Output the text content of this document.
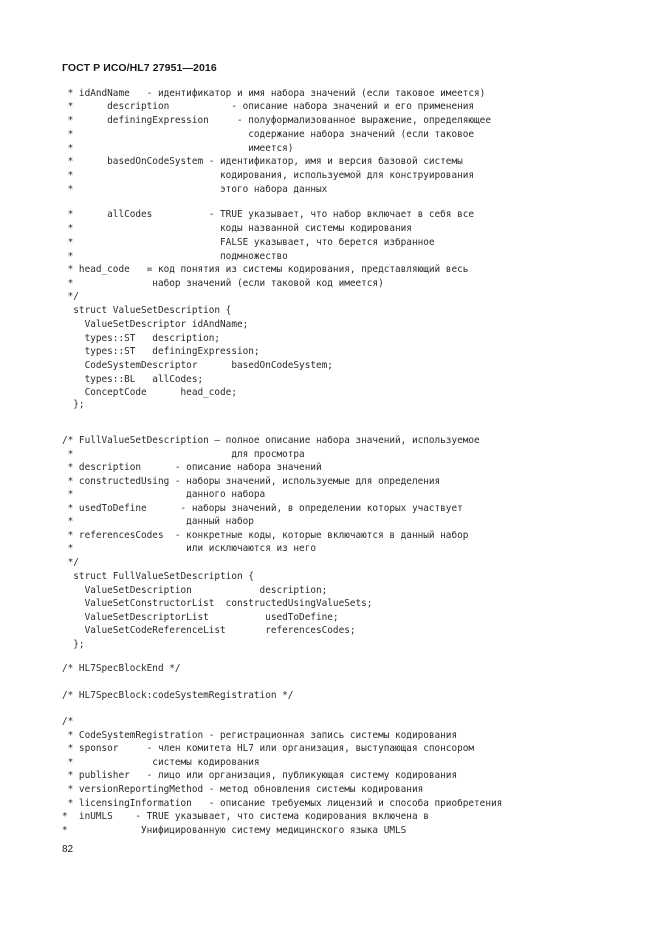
ГОСТ Р ИСО/HL7 27951—2016
* idAndName   - идентификатор и имя набора значений (если таковое имеется)
*      description           - описание набора значений и его применения
*      definingExpression     - полуформализованное выражение, определяющее
*                               содержание набора значений (если таковое
*                               имеется)
*      basedOnCodeSystem - идентификатор, имя и версия базовой системы
*                          кодирования, используемой для конструирования
*                          этого набора данных
*      allCodes          - TRUE указывает, что набор включает в себя все
*                          коды названной системы кодирования
*                          FALSE указывает, что берется избранное
*                          подмножество
* head_code   = код понятия из системы кодирования, представляющий весь
*              набор значений (если таковой код имеется)
*/
struct ValueSetDescription {
ValueSetDescriptor idAndName;
types::ST   description;
types::ST   definingExpression;
CodeSystemDescriptor      basedOnCodeSystem;
types::BL   allCodes;
ConceptCode      head_code;
};
/* FullValueSetDescription — полное описание набора значений, используемое
*                            для просмотра
* description      - описание набора значений
* constructedUsing - наборы значений, используемые для определения
*                    данного набора
* usedToDefine      - наборы значений, в определении которых участвует
*                    данный набор
* referencesCodes  - конкретные коды, которые включаются в данный набор
*                    или исключаются из него
*/
struct FullValueSetDescription {
ValueSetDescription            description;
ValueSetConstructorList  constructedUsingValueSets;
ValueSetDescriptorList          usedToDefine;
ValueSetCodeReferenceList       referencesCodes;
};
/* HL7SpecBlockEnd */
/* HL7SpecBlock:codeSystemRegistration */
/*
* CodeSystemRegistration - регистрационная запись системы кодирования
* sponsor     - член комитета HL7 или организация, выступающая спонсором
*              системы кодирования
* publisher   - лицо или организация, публикующая систему кодирования
* versionReportingMethod - метод обновления системы кодирования
* licensingInformation   - описание требуемых лицензий и способа приобретения
*  inUMLS    - TRUE указывает, что система кодирования включена в
*             Унифицированную систему медицинского языка UMLS
82
